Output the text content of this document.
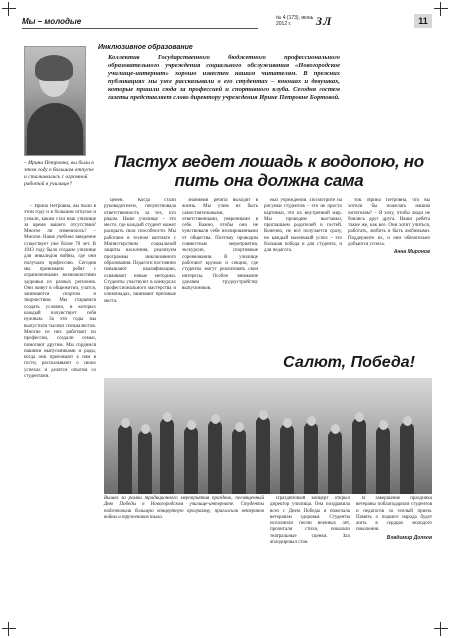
Мы – молодые	№ 4 (173), июнь 2012 г.	ЗЛ	11
Инклюзивное образование
Коллектив Государственного бюджетного профессионального образовательного учреждения социального обслуживания «Новогородское училище-интернат» хорошо известен нашим читателям. В прежних публикациях мы уже рассказывали о его студентах – юношах и девушках, которые пришли сюда за профессией и спортивного клуба. Сегодня гостем газеты представляет слово директору учреждения Ирине Петровне Бортовой.
– Ирина Петровна, вы были в этом году в большом отпуске и сталкивались с огромной работой в училище?
Пастух ведет лошадь к водопою, но пить она должна сама

– Ирина Петровна, вы были в этом году и в большом отпуске и узнали, каким стал наш училище за время вашего отсутствия? Многое ли изменилось? – Многое. Наше учебное заведение существует уже более 70 лет. В 1943 году было создано училище для инвалидов войны, где они получали профессию. Сегодня мы принимаем ребят с ограниченными возможностями здоровья из разных регионов. Они живут в общежитии, учатся, занимаются спортом и творчеством. Мы стараемся создать условия, в которых каждый почувствует себя нужным. За эти годы мы выпустили тысячи специалистов. Многие из них работают по профессии, создали семьи, помогают другим. Мы гордимся нашими выпускниками и рады, когда они приезжают к нам в гости, рассказывают о своих успехах и делятся опытом со студентами.

ценен. Когда стали руководителем, почувствовала ответственность за тех, кто рядом. Наше училище – это место, где каждый студент может раскрыть свои способности. Мы работаем в тесном контакте с Министерством социальной защиты населения, реализуем программы инклюзивного образования. Педагоги постоянно повышают квалификацию, осваивают новые методики. Студенты участвуют в конкурсах профессионального мастерства и олимпиадах, занимают призовые места.

знаниями ребята выходят в жизнь. Мы учим их быть самостоятельными, ответственными, уверенными в себе. Важно, чтобы они не чувствовали себя изолированными от общества. Поэтому проводим совместные мероприятия, экскурсии, спортивные соревнования. В училище работают кружки и секции, где студенты могут реализовать свои интересы. Особое внимание уделяем трудоустройству выпускников.

ных учреждении. Посмотрите на рисунки студентов – это не просто картинки, это их внутренний мир. Мы проводим выставки, приглашаем родителей и гостей. Конечно, не всё получается сразу, но каждый маленький успех – это большая победа и для студента, и для педагога.

тов. Ирина Петровна, что вы хотели бы пожелать нашим читателям? – Я хочу, чтобы люди не боялись друг друга. Наши ребята такие же, как все. Они хотят учиться, работать, любить и быть любимыми. Поддержите их, и они обязательно добьются успеха.

Анна Миронов

Салют, Победа!
Вышел за рамки традиционного мероприятия праздник, посвященный Дню Победы в Новогородском училище-интернате. Студенты подготовили большую концертную программу, пригласили ветеранов войны и тружеников тыла.

Праздничный концерт открыл директор училища. Она поздравила всех с Днем Победы и пожелала ветеранам здоровья. Студенты исполнили песни военных лет, прочитали стихи, показали театральные сценки. Зал аплодировал стоя.

В завершение праздника ветераны поблагодарили студентов и педагогов за теплый прием. Память о подвиге народа будет жить в сердцах молодого поколения.

Владимир Долгов
